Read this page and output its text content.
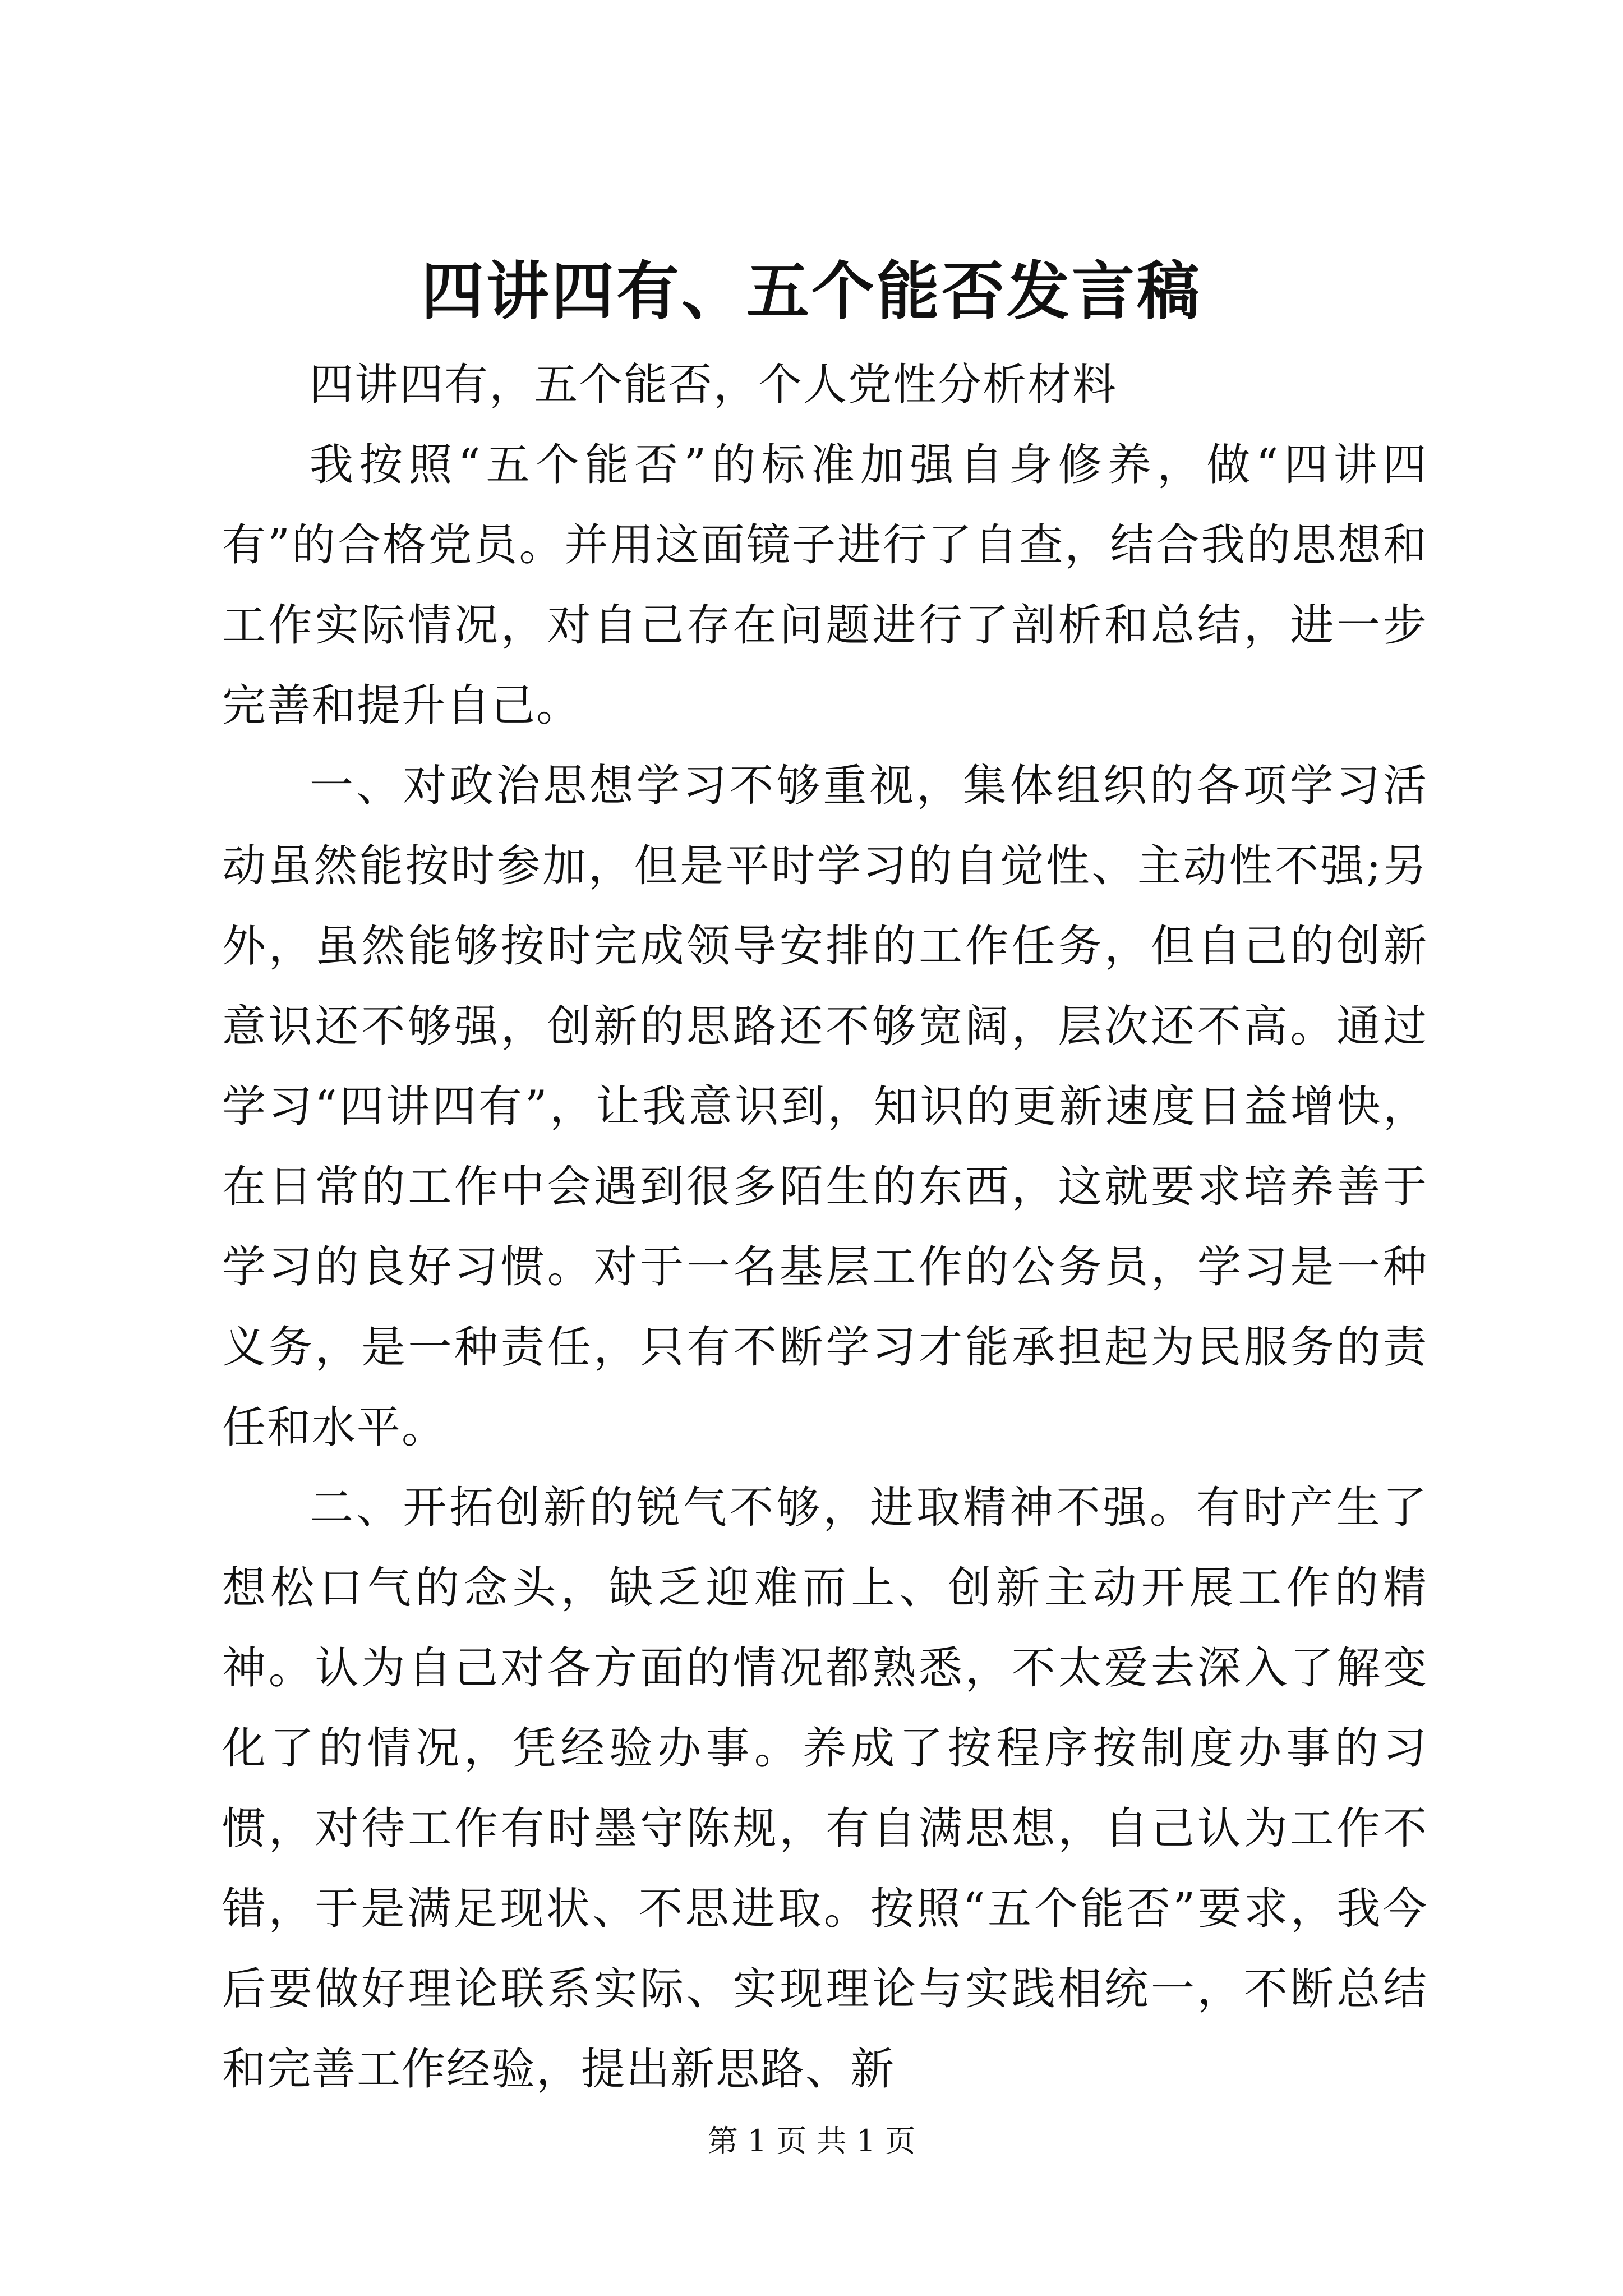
四讲四有、五个能否发言稿

四讲四有，五个能否，个人党性分析材料

我按照“五个能否”的标准加强自身修养，做“四讲四有”的合格党员。并用这面镜子进行了自查，结合我的思想和工作实际情况，对自己存在问题进行了剖析和总结，进一步完善和提升自己。

一、对政治思想学习不够重视，集体组织的各项学习活动虽然能按时参加，但是平时学习的自觉性、主动性不强;另外，虽然能够按时完成领导安排的工作任务，但自己的创新意识还不够强，创新的思路还不够宽阔，层次还不高。通过学习“四讲四有”，让我意识到，知识的更新速度日益增快，在日常的工作中会遇到很多陌生的东西，这就要求培养善于学习的良好习惯。对于一名基层工作的公务员，学习是一种义务，是一种责任，只有不断学习才能承担起为民服务的责任和水平。

二、开拓创新的锐气不够，进取精神不强。有时产生了想松口气的念头，缺乏迎难而上、创新主动开展工作的精神。认为自己对各方面的情况都熟悉，不太爱去深入了解变化了的情况，凭经验办事。养成了按程序按制度办事的习惯，对待工作有时墨守陈规，有自满思想，自己认为工作不错，于是满足现状、不思进取。按照“五个能否”要求，我今后要做好理论联系实际、实现理论与实践相统一，不断总结和完善工作经验，提出新思路、新

第 1 页 共 1 页
